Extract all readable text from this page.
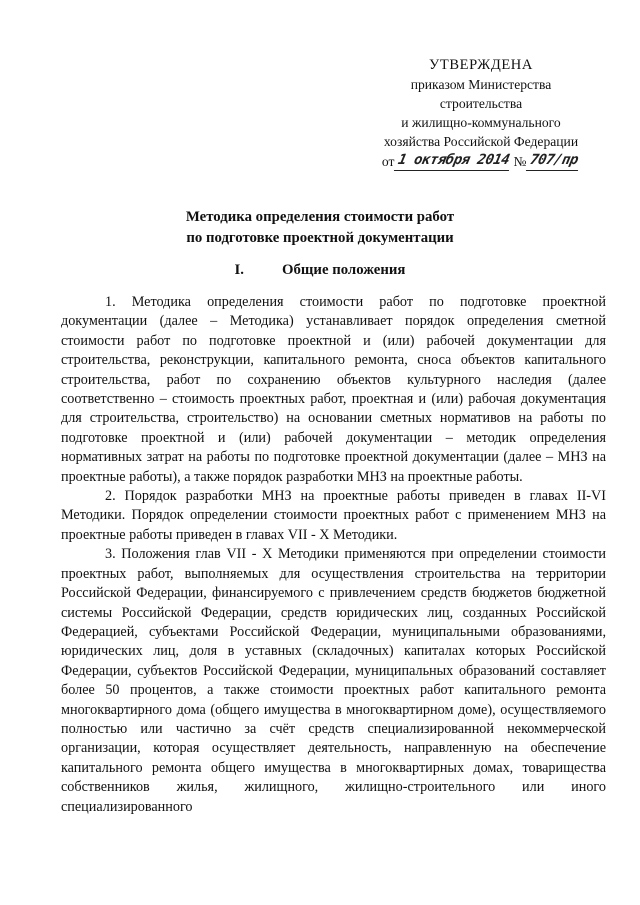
УТВЕРЖДЕНА
приказом Министерства
строительства
и жилищно-коммунального
хозяйства Российской Федерации
от 1 октября 2014 № 707/пр
Методика определения стоимости работ
по подготовке проектной документации
I.	Общие положения

1. Методика определения стоимости работ по подготовке проектной документации (далее – Методика) устанавливает порядок определения сметной стоимости работ по подготовке проектной и (или) рабочей документации для строительства, реконструкции, капитального ремонта, сноса объектов капитального строительства, работ по сохранению объектов культурного наследия (далее соответственно – стоимость проектных работ, проектная и (или) рабочая документация для строительства, строительство) на основании сметных нормативов на работы по подготовке проектной и (или) рабочей документации – методик определения нормативных затрат на работы по подготовке проектной документации (далее – МНЗ на проектные работы), а также порядок разработки МНЗ на проектные работы.

2. Порядок разработки МНЗ на проектные работы приведен в главах II-VI Методики. Порядок определении стоимости проектных работ с применением МНЗ на проектные работы приведен в главах VII - X Методики.

3. Положения глав VII - X Методики применяются при определении стоимости проектных работ, выполняемых для осуществления строительства на территории Российской Федерации, финансируемого с привлечением средств бюджетов бюджетной системы Российской Федерации, средств юридических лиц, созданных Российской Федерацией, субъектами Российской Федерации, муниципальными образованиями, юридических лиц, доля в уставных (складочных) капиталах которых Российской Федерации, субъектов Российской Федерации, муниципальных образований составляет более 50 процентов, а также стоимости проектных работ капитального ремонта многоквартирного дома (общего имущества в многоквартирном доме), осуществляемого полностью или частично за счёт средств специализированной некоммерческой организации, которая осуществляет деятельность, направленную на обеспечение капитального ремонта общего имущества в многоквартирных домах, товарищества собственников жилья, жилищного, жилищно-строительного или иного специализированного
